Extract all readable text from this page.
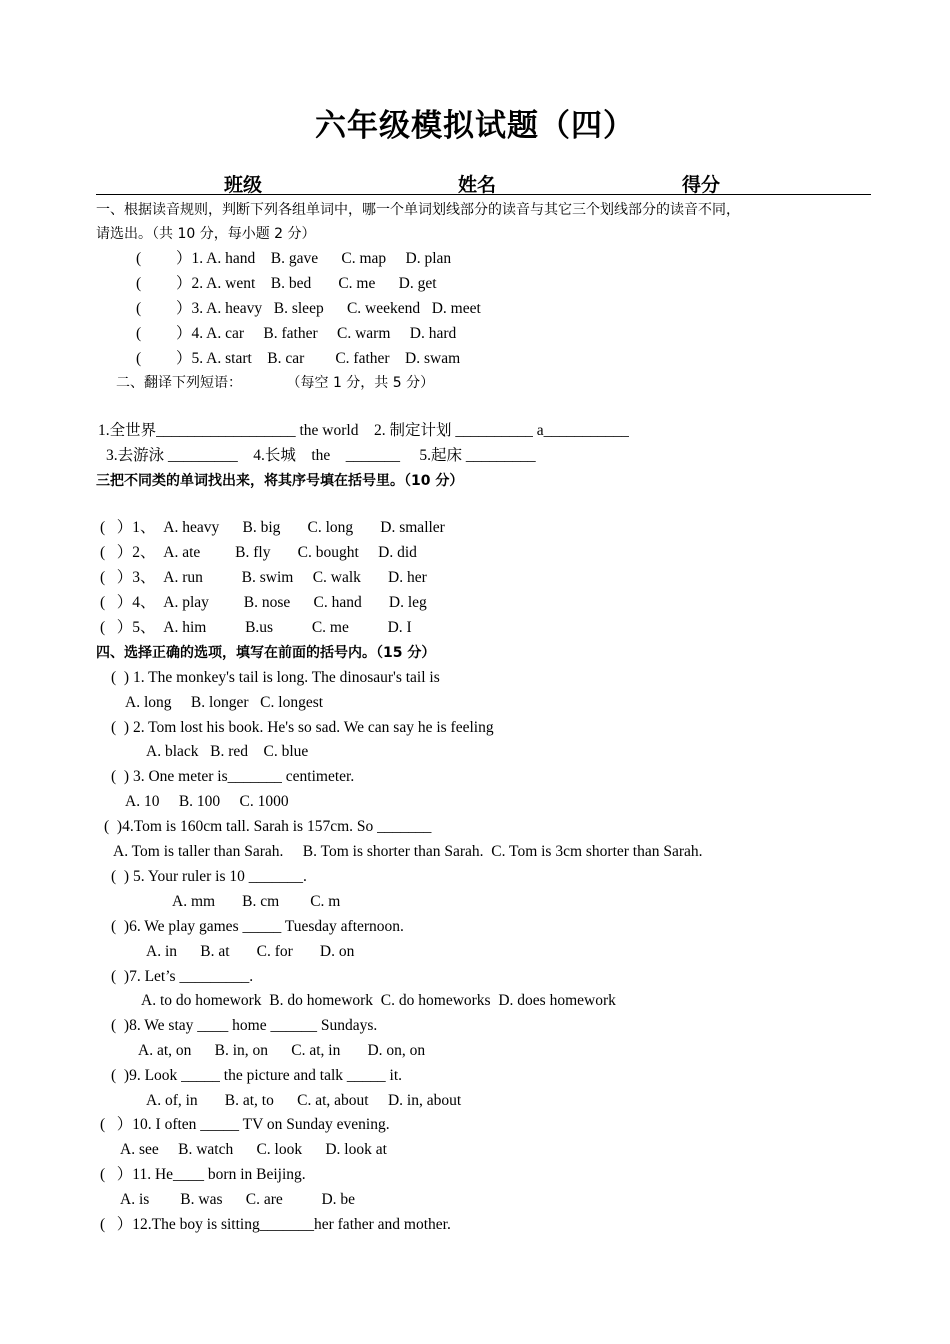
六年级模拟试题（四）
班级	姓名	得分
一、根据读音规则，判断下列各组单词中，哪一个单词划线部分的读音与其它三个划线部分的读音不同，
请选出。（共 10 分，每小题 2 分）
(　　 ）1. A. hand    B. gave      C. map     D. plan
(　　 ）2. A. went    B. bed       C. me      D. get
(　　 ）3. A. heavy   B. sleep      C. weekend   D. meet
(　　 ）4. A. car     B. father     C. warm     D. hard
(　　 ）5. A. start    B. car        C. father    D. swam
二、翻译下列短语：          （每空 1 分，共 5 分）
1.全世界__________________ the world    2. 制定计划 __________ a___________
3.去游泳 _________    4.长城    the    _______     5.起床 _________
三把不同类的单词找出来，将其序号填在括号里。（10 分）
(   ）1、  A. heavy      B. big       C. long       D. smaller
(   ）2、  A. ate         B. fly       C. bought     D. did
(   ）3、  A. run          B. swim     C. walk       D. her
(   ）4、  A. play         B. nose      C. hand       D. leg
(   ）5、  A. him          B.us          C. me          D. I
四、选择正确的选项，填写在前面的括号内。（15 分）
(  ) 1. The monkey's tail is long. The dinosaur's tail is
A. long     B. longer   C. longest
(  ) 2. Tom lost his book. He's so sad. We can say he is feeling
A. black   B. red    C. blue
(  ) 3. One meter is_______ centimeter.
A. 10     B. 100     C. 1000
(  )4.Tom is 160cm tall. Sarah is 157cm. So _______
A. Tom is taller than Sarah.     B. Tom is shorter than Sarah.  C. Tom is 3cm shorter than Sarah.
(  ) 5. Your ruler is 10 _______.
A. mm       B. cm        C. m
(  )6. We play games _____ Tuesday afternoon.
A. in      B. at       C. for       D. on
(  )7. Let’s _________.
A. to do homework  B. do homework  C. do homeworks  D. does homework
(  )8. We stay ____ home ______ Sundays.
A. at, on      B. in, on      C. at, in       D. on, on
(  )9. Look _____ the picture and talk _____ it.
A. of, in       B. at, to      C. at, about     D. in, about
(   ）10. I often _____ TV on Sunday evening.
A. see     B. watch      C. look      D. look at
(   ）11. He____ born in Beijing.
A. is        B. was      C. are          D. be
(   ）12.The boy is sitting_______her father and mother.
